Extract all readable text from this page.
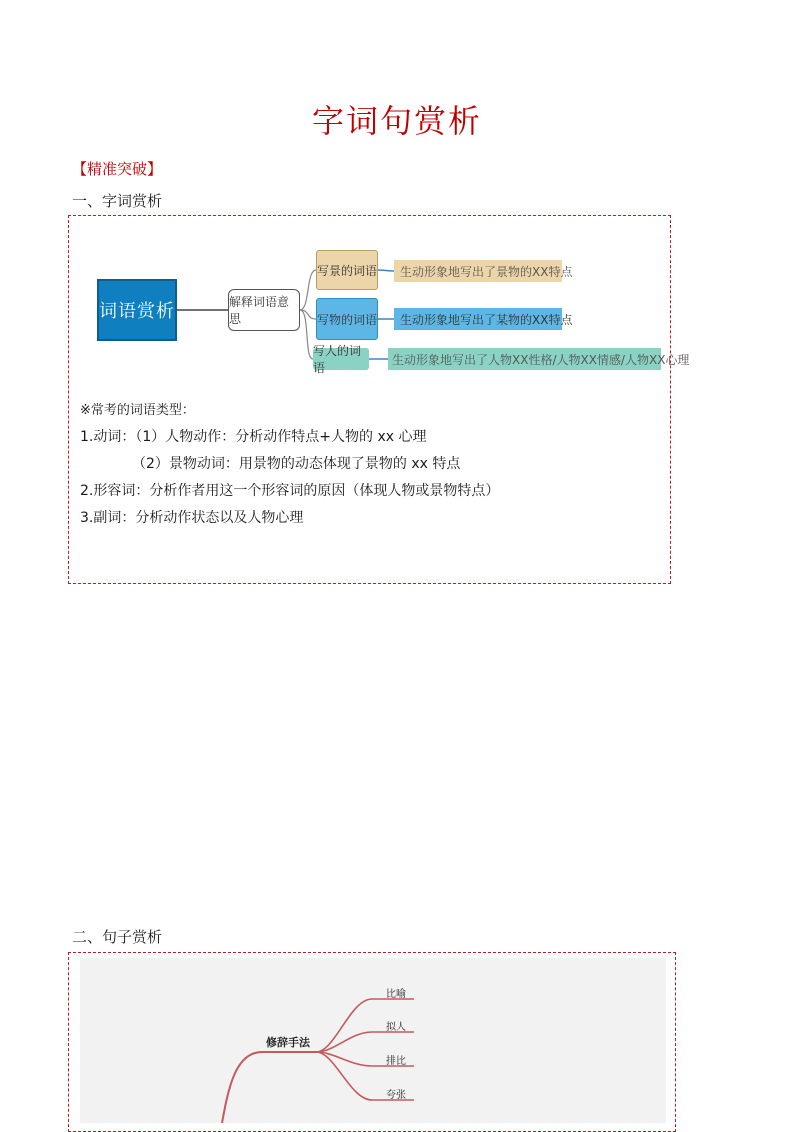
字词句赏析
【精准突破】
一、字词赏析
词语赏析	解释词语意思
写景的词语
写物的词语
写人的词语
生动形象地写出了景物的XX特点
生动形象地写出了某物的XX特点
生动形象地写出了人物XX性格/人物XX情感/人物XX心理
※常考的词语类型：
1.动词：（1）人物动作：分析动作特点+人物的 xx 心理
（2）景物动词：用景物的动态体现了景物的 xx 特点
2.形容词：分析作者用这一个形容词的原因（体现人物或景物特点）
3.副词：分析动作状态以及人物心理
二、句子赏析
修辞手法
比喻
拟人
排比
夸张
